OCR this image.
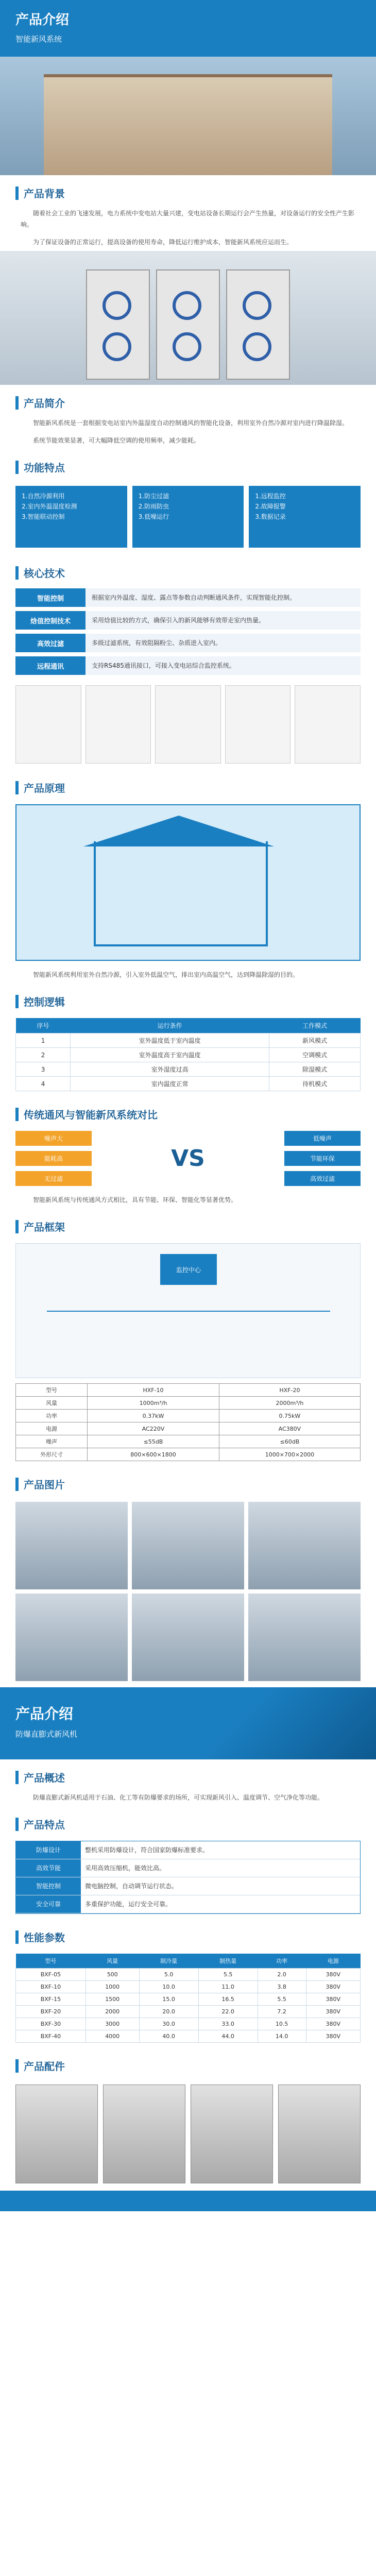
产品介绍
智能新风系统
产品背景
随着社会工业的飞速发展，电力系统中变电站大量兴建，变电站设备长期运行会产生热量，对设备运行的安全性产生影响。
为了保证设备的正常运行，提高设备的使用寿命，降低运行维护成本，智能新风系统应运而生。
产品简介
智能新风系统是一套根据变电站室内外温湿度自动控制通风的智能化设备，利用室外自然冷源对室内进行降温除湿。
系统节能效果显著，可大幅降低空调的使用频率，减少能耗。
功能特点
1.自然冷源利用
2.室内外温湿度检测
3.智能联动控制
1.防尘过滤
2.防雨防虫
3.低噪运行
1.远程监控
2.故障报警
3.数据记录
核心技术
智能控制	根据室内外温度、湿度、露点等参数自动判断通风条件，实现智能化控制。
焓值控制技术	采用焓值比较的方式，确保引入的新风能够有效带走室内热量。
高效过滤	多级过滤系统，有效阻隔粉尘、杂质进入室内。
远程通讯	支持RS485通讯接口，可接入变电站综合监控系统。
产品原理
智能新风系统利用室外自然冷源，引入室外低温空气，排出室内高温空气，达到降温除湿的目的。
控制逻辑
序号	运行条件	工作模式
1	室外温度低于室内温度	新风模式
2	室外温度高于室内温度	空调模式
3	室外湿度过高	除湿模式
4	室内温度正常	待机模式
传统通风与智能新风系统对比
噪声大
能耗高
无过滤
VS
低噪声
节能环保
高效过滤
智能新风系统与传统通风方式相比，具有节能、环保、智能化等显著优势。
产品框架
监控中心
型号	HXF-10	HXF-20
风量	1000m³/h	2000m³/h
功率	0.37kW	0.75kW
电源	AC220V	AC380V
噪声	≤55dB	≤60dB
外形尺寸	800×600×1800	1000×700×2000
产品图片
产品介绍
防爆直膨式新风机
产品概述
防爆直膨式新风机适用于石油、化工等有防爆要求的场所，可实现新风引入、温度调节、空气净化等功能。
产品特点
防爆设计	整机采用防爆设计，符合国家防爆标准要求。
高效节能	采用高效压缩机，能效比高。
智能控制	微电脑控制，自动调节运行状态。
安全可靠	多重保护功能，运行安全可靠。
性能参数
型号	风量	制冷量	制热量	功率	电源
BXF-05	500	5.0	5.5	2.0	380V
BXF-10	1000	10.0	11.0	3.8	380V
BXF-15	1500	15.0	16.5	5.5	380V
BXF-20	2000	20.0	22.0	7.2	380V
BXF-30	3000	30.0	33.0	10.5	380V
BXF-40	4000	40.0	44.0	14.0	380V
产品配件
